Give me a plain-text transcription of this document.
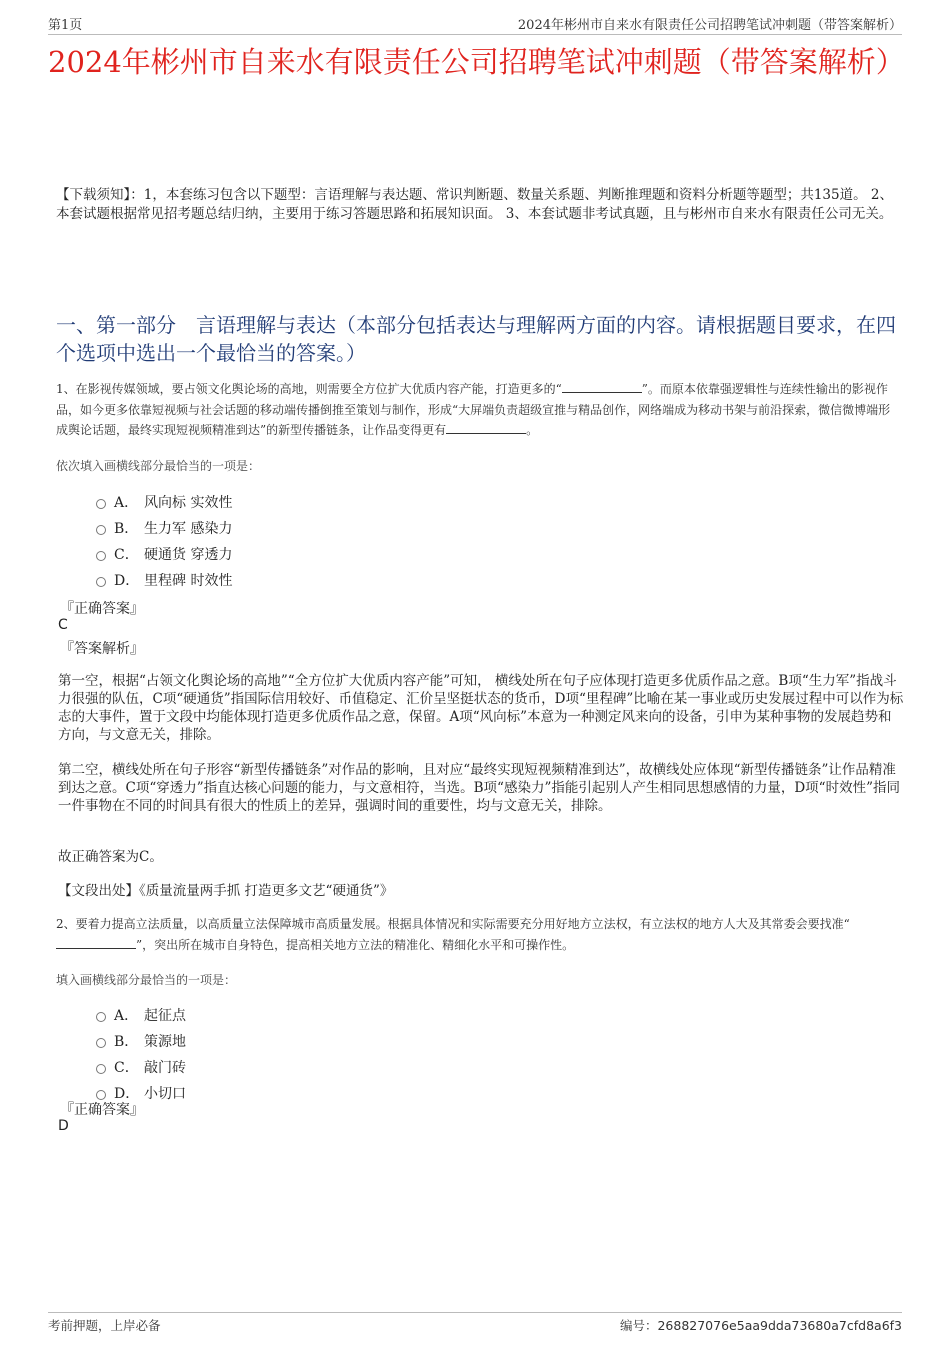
第1页	2024年彬州市自来水有限责任公司招聘笔试冲刺题（带答案解析）
2024年彬州市自来水有限责任公司招聘笔试冲刺题（带答案解析）
【下载须知】：1，本套练习包含以下题型：言语理解与表达题、常识判断题、数量关系题、判断推理题和资料分析题等题型；共135道。 2、本套试题根据常见招考题总结归纳，主要用于练习答题思路和拓展知识面。 3、本套试题非考试真题，且与彬州市自来水有限责任公司无关。
一、第一部分　言语理解与表达（本部分包括表达与理解两方面的内容。请根据题目要求，在四个选项中选出一个最恰当的答案。）
1、在影视传媒领域，要占领文化舆论场的高地，则需要全方位扩大优质内容产能，打造更多的“	”。而原本依靠强逻辑性与连续性输出的影视作品，如今更多依靠短视频与社会话题的移动端传播倒推至策划与制作，形成“大屏端负责超级宣推与精品创作，网络端成为移动书架与前沿探索，微信微博端形成舆论话题，最终实现短视频精准到达”的新型传播链条，让作品变得更有	。
依次填入画横线部分最恰当的一项是：
A． 风向标 实效性
B． 生力军 感染力
C． 硬通货 穿透力
D． 里程碑 时效性
『正确答案』
C
『答案解析』
第一空，根据“占领文化舆论场的高地”“全方位扩大优质内容产能”可知， 横线处所在句子应体现打造更多优质作品之意。B项“生力军”指战斗力很强的队伍，C项“硬通货”指国际信用较好、币值稳定、汇价呈坚挺状态的货币，D项“里程碑”比喻在某一事业或历史发展过程中可以作为标志的大事件，置于文段中均能体现打造更多优质作品之意，保留。A项“风向标”本意为一种测定风来向的设备，引申为某种事物的发展趋势和方向，与文意无关，排除。
第二空，横线处所在句子形容“新型传播链条”对作品的影响，且对应“最终实现短视频精准到达”，故横线处应体现“新型传播链条”让作品精准到达之意。C项“穿透力”指直达核心问题的能力，与文意相符，当选。B项“感染力”指能引起别人产生相同思想感情的力量，D项“时效性”指同一件事物在不同的时间具有很大的性质上的差异，强调时间的重要性，均与文意无关，排除。
故正确答案为C。
【文段出处】《质量流量两手抓 打造更多文艺“硬通货”》
2、要着力提高立法质量，以高质量立法保障城市高质量发展。根据具体情况和实际需要充分用好地方立法权，有立法权的地方人大及其常委会要找准“”，突出所在城市自身特色，提高相关地方立法的精准化、精细化水平和可操作性。
填入画横线部分最恰当的一项是：
A． 起征点
B． 策源地
C． 敲门砖
D． 小切口
『正确答案』
D
考前押题，上岸必备	编号：268827076e5aa9dda73680a7cfd8a6f3
